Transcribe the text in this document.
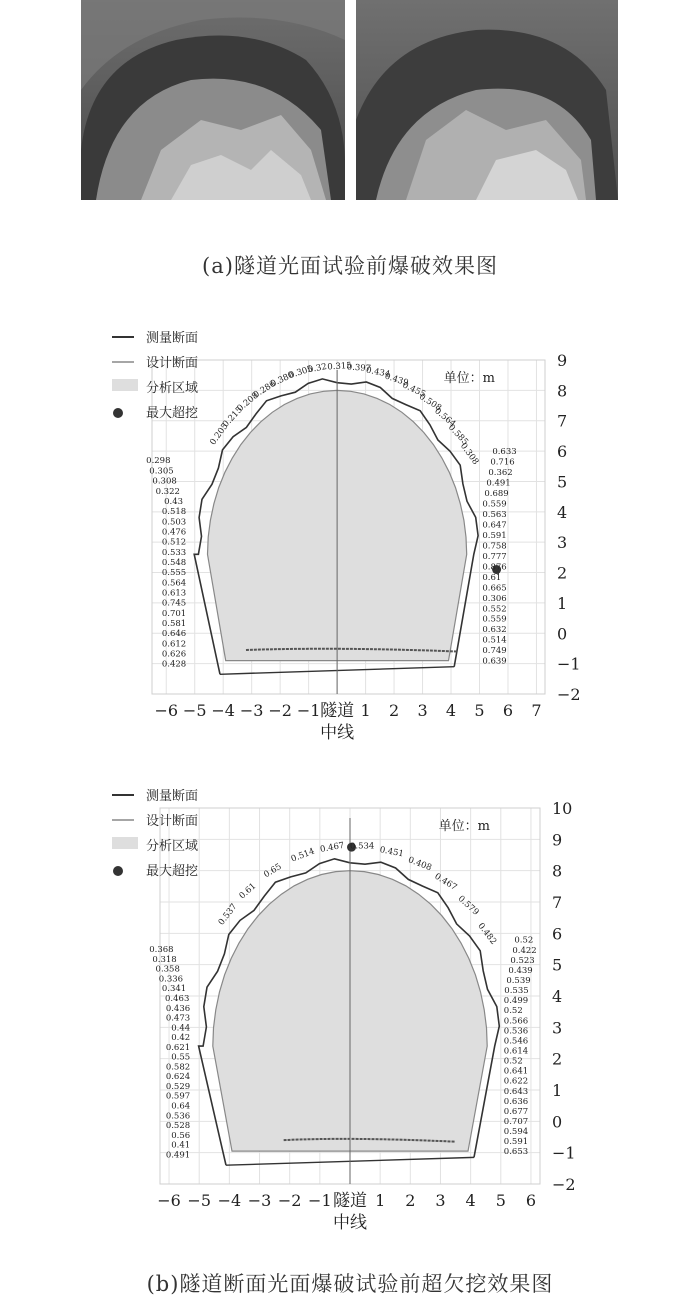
(a)隧道光面试验前爆破效果图
−6 −5 −4 −3 −2 −1	1 2 3 4 5 6 7
隧道
中线
9
8
7
6
5
4
3
2
1
0
−1
−2
单位：m
测量断面
设计断面
分析区域
最大超挖
0.428
0.626
0.612
0.646
0.581
0.701
0.745
0.613
0.564
0.555
0.548
0.533
0.512
0.476
0.503
0.518
0.43
0.322
0.308
0.305
0.298
0.639
0.749
0.514
0.632
0.559
0.552
0.306
0.665
0.61
0.876
0.777
0.758
0.591
0.647
0.563
0.559
0.689
0.491
0.362
0.716
0.633
0.205
0.215
0.208
0.286
0.380
0.305
0.32 0.315
0.397
0.434
0.439
0.455
0.508
0.564
0.585
0.308
−6 −5 −4 −3 −2 −1	1 2 3 4 5 6
隧道
中线
10
9
8
7
6
5
4
3
2
1
0
−1
−2
单位：m
测量断面
设计断面
分析区域
最大超挖
0.491
0.41
0.56
0.528
0.536
0.64
0.597
0.529
0.624
0.582
0.55
0.621
0.42
0.44
0.473
0.436
0.463
0.341
0.336
0.358
0.318
0.368
0.653
0.591
0.594
0.707
0.677
0.636
0.643
0.622
0.641
0.52
0.614
0.546
0.536
0.566
0.52
0.499
0.535
0.539
0.439
0.523
0.422
0.52
0.537
0.61
0.65
0.514 0.467 0.534 0.451
0.408
0.467
0.579
0.482
(b)隧道断面光面爆破试验前超欠挖效果图
